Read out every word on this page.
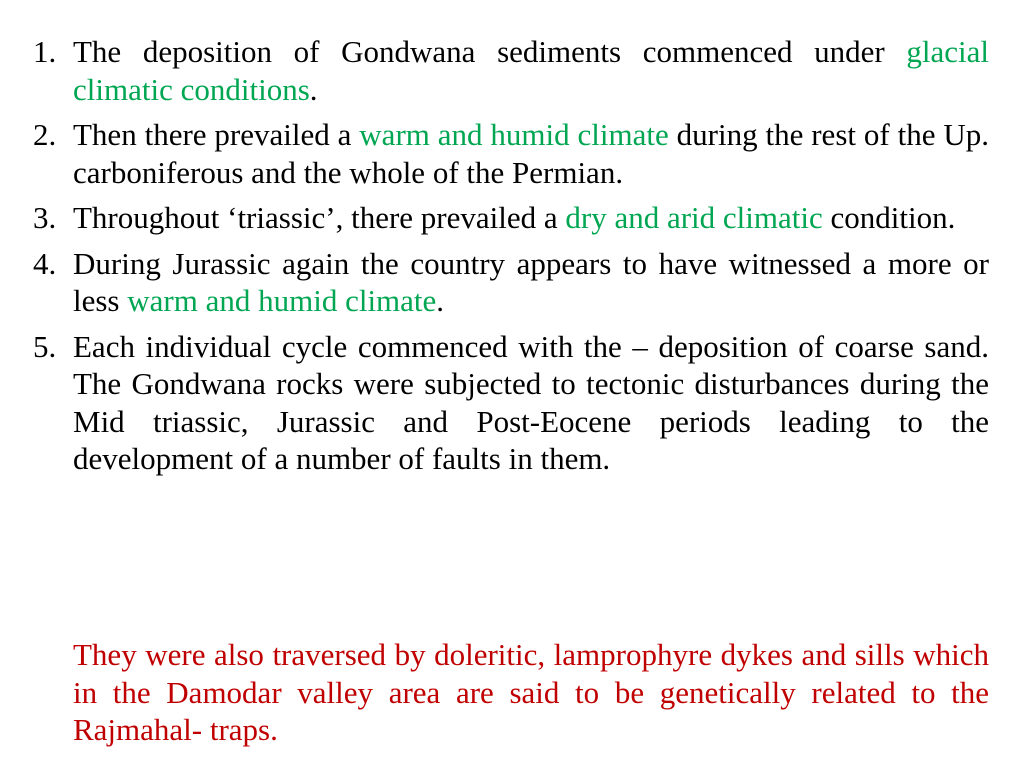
1. The deposition of Gondwana sediments commenced under glacial climatic conditions.

2. Then there prevailed a warm and humid climate during the rest of the Up. carboniferous and the whole of the Permian.

3. Throughout ‘triassic’, there prevailed a dry and arid climatic condition.

4. During Jurassic again the country appears to have witnessed a more or less warm and humid climate.

5. Each individual cycle commenced with the – deposition of coarse sand. The Gondwana rocks were subjected to tectonic disturbances during the Mid triassic, Jurassic and Post-Eocene periods leading to the development of a number of faults in them.

They were also traversed by doleritic, lamprophyre dykes and sills which in the Damodar valley area are said to be genetically related to the Rajmahal- traps.
